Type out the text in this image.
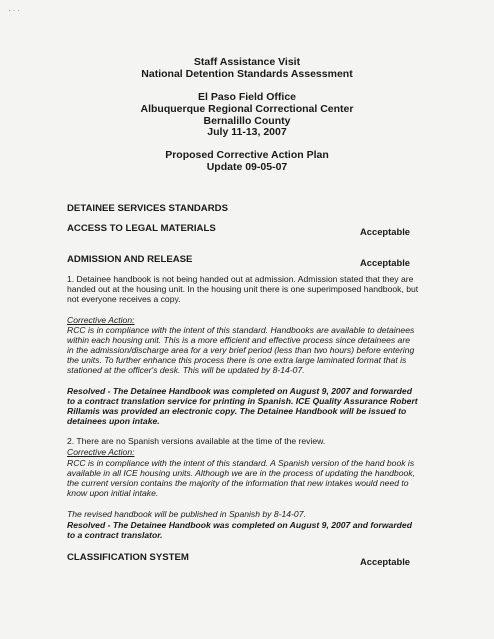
···
Staff Assistance Visit
National Detention Standards Assessment
El Paso Field Office
Albuquerque Regional Correctional Center
Bernalillo County
July 11-13, 2007
Proposed Corrective Action Plan
Update 09-05-07
DETAINEE SERVICES STANDARDS
ACCESS TO LEGAL MATERIALS	Acceptable
ADMISSION AND RELEASE	Acceptable
1. Detainee handbook is not being handed out at admission. Admission stated that they are handed out at the housing unit. In the housing unit there is one superimposed handbook, but not everyone receives a copy.
Corrective Action:
RCC is in compliance with the intent of this standard. Handbooks are available to detainees within each housing unit. This is a more efficient and effective process since detainees are in the admission/discharge area for a very brief period (less than two hours) before entering the units. To further enhance this process there is one extra large laminated format that is stationed at the officer's desk. This will be updated by 8-14-07.
Resolved - The Detainee Handbook was completed on August 9, 2007 and forwarded to a contract translation service for printing in Spanish. ICE Quality Assurance Robert Rillamis was provided an electronic copy. The Detainee Handbook will be issued to detainees upon intake.
2. There are no Spanish versions available at the time of the review.
Corrective Action:
RCC is in compliance with the intent of this standard. A Spanish version of the hand book is available in all ICE housing units. Although we are in the process of updating the handbook, the current version contains the majority of the information that new intakes would need to know upon initial intake.
The revised handbook will be published in Spanish by 8-14-07.
Resolved - The Detainee Handbook was completed on August 9, 2007 and forwarded to a contract translator.
CLASSIFICATION SYSTEM	Acceptable
